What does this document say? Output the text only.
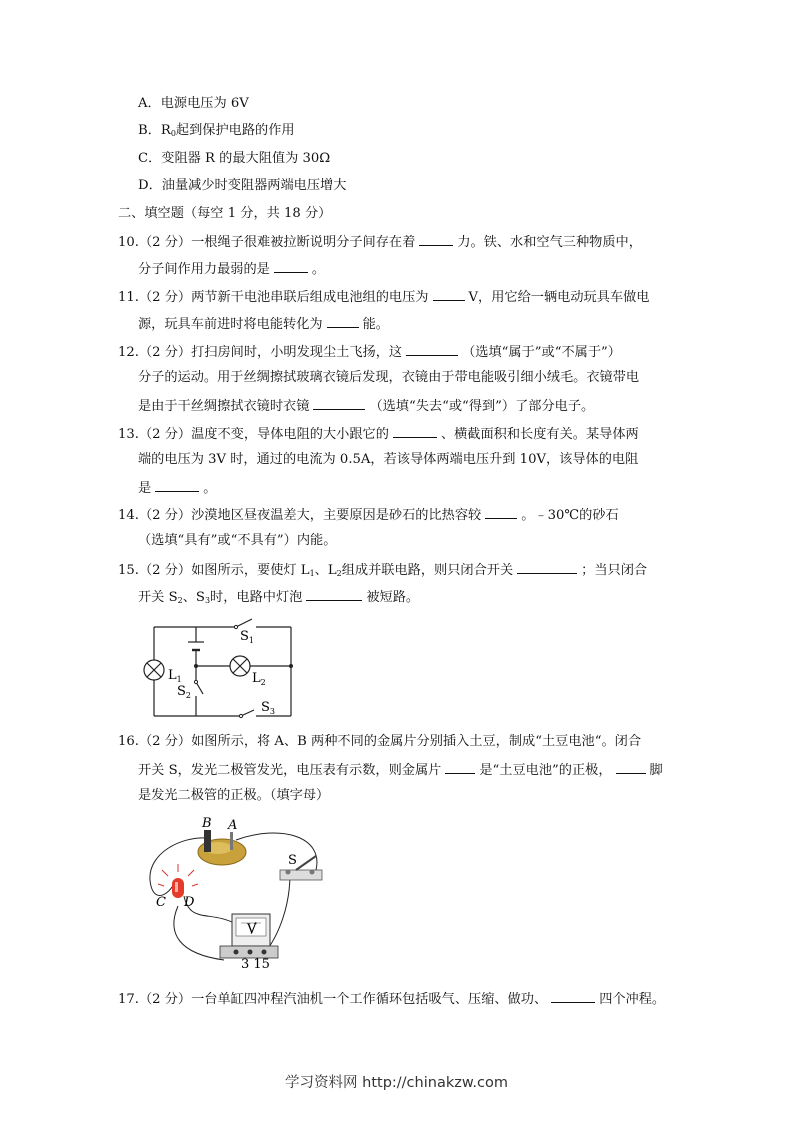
A．电源电压为 6V
B．$R_0$起到保护电路的作用
C．变阻器 R 的最大阻值为 30Ω
D．油量减少时变阻器两端电压增大
二、填空题（每空 1 分，共 18 分）
10.（2 分）一根绳子很难被拉断说明分子间存在着	力。铁、水和空气三种物质中，
分子间作用力最弱的是	。
11.（2 分）两节新干电池串联后组成电池组的电压为	V，用它给一辆电动玩具车做电
源，玩具车前进时将电能转化为	能。
12.（2 分）打扫房间时，小明发现尘土飞扬，这	（选填“属于”或“不属于”）
分子的运动。用于丝绸擦拭玻璃衣镜后发现，衣镜由于带电能吸引细小绒毛。衣镜带电
是由于干丝绸擦拭衣镜时衣镜	（选填“失去“或“得到”）了部分电子。
13.（2 分）温度不变，导体电阻的大小跟它的	、横截面积和长度有关。某导体两
端的电压为 3V 时，通过的电流为 0.5A，若该导体两端电压升到 10V，该导体的电阻
是	。
14.（2 分）沙漠地区昼夜温差大，主要原因是砂石的比热容较	。﹣30℃的砂石
（选填“具有”或“不具有”）内能。
15.（2 分）如图所示，要使灯 $L_1$、$L_2$组成并联电路，则只闭合开关	；当只闭合
开关 $S_2$、$S_3$时，电路中灯泡	被短路。
$S_1$
$L_1$
$S_2$
$L_2$
$S_3$
16.（2 分）如图所示，将 A、B 两种不同的金属片分别插入土豆，制成“土豆电池“。闭合
开关 S，发光二极管发光，电压表有示数，则金属片	是“土豆电池”的正极，	脚
是发光二极管的正极。（填字母）
B A
C D
S
V
3 15
17.（2 分）一台单缸四冲程汽油机一个工作循环包括吸气、压缩、做功、	四个冲程。
学习资料网 http://chinakzw.com
